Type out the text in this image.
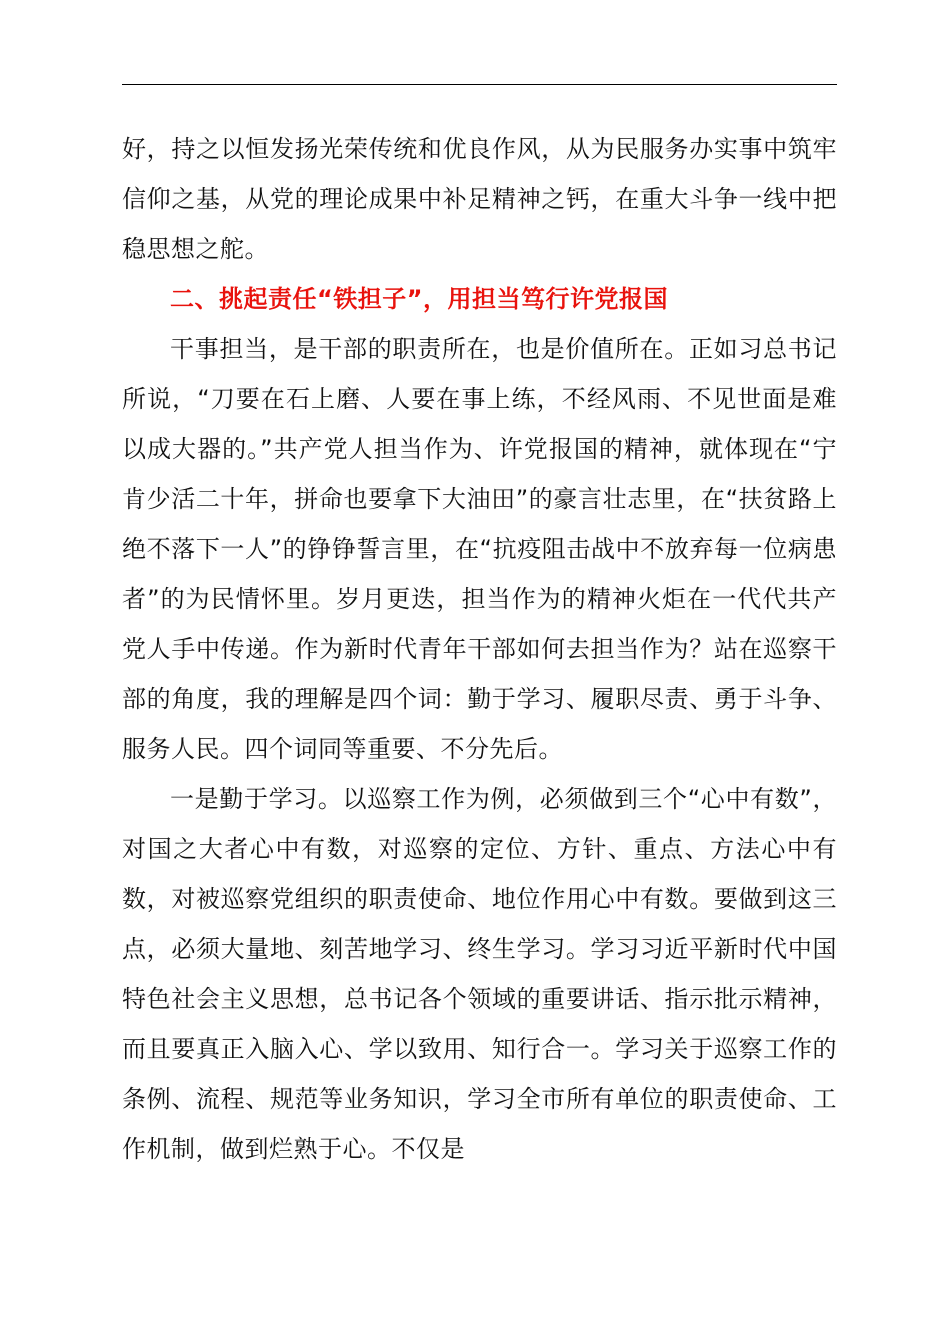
好，持之以恒发扬光荣传统和优良作风，从为民服务办实事中筑牢信仰之基，从党的理论成果中补足精神之钙，在重大斗争一线中把稳思想之舵。

二、挑起责任“铁担子”，用担当笃行许党报国

干事担当，是干部的职责所在，也是价值所在。正如习总书记所说，“刀要在石上磨、人要在事上练，不经风雨、不见世面是难以成大器的。”共产党人担当作为、许党报国的精神，就体现在“宁肯少活二十年，拼命也要拿下大油田”的豪言壮志里，在“扶贫路上绝不落下一人”的铮铮誓言里，在“抗疫阻击战中不放弃每一位病患者”的为民情怀里。岁月更迭，担当作为的精神火炬在一代代共产党人手中传递。作为新时代青年干部如何去担当作为？站在巡察干部的角度，我的理解是四个词：勤于学习、履职尽责、勇于斗争、服务人民。四个词同等重要、不分先后。

一是勤于学习。以巡察工作为例，必须做到三个“心中有数”，对国之大者心中有数，对巡察的定位、方针、重点、方法心中有数，对被巡察党组织的职责使命、地位作用心中有数。要做到这三点，必须大量地、刻苦地学习、终生学习。学习习近平新时代中国特色社会主义思想，总书记各个领域的重要讲话、指示批示精神，而且要真正入脑入心、学以致用、知行合一。学习关于巡察工作的条例、流程、规范等业务知识，学习全市所有单位的职责使命、工作机制，做到烂熟于心。不仅是
